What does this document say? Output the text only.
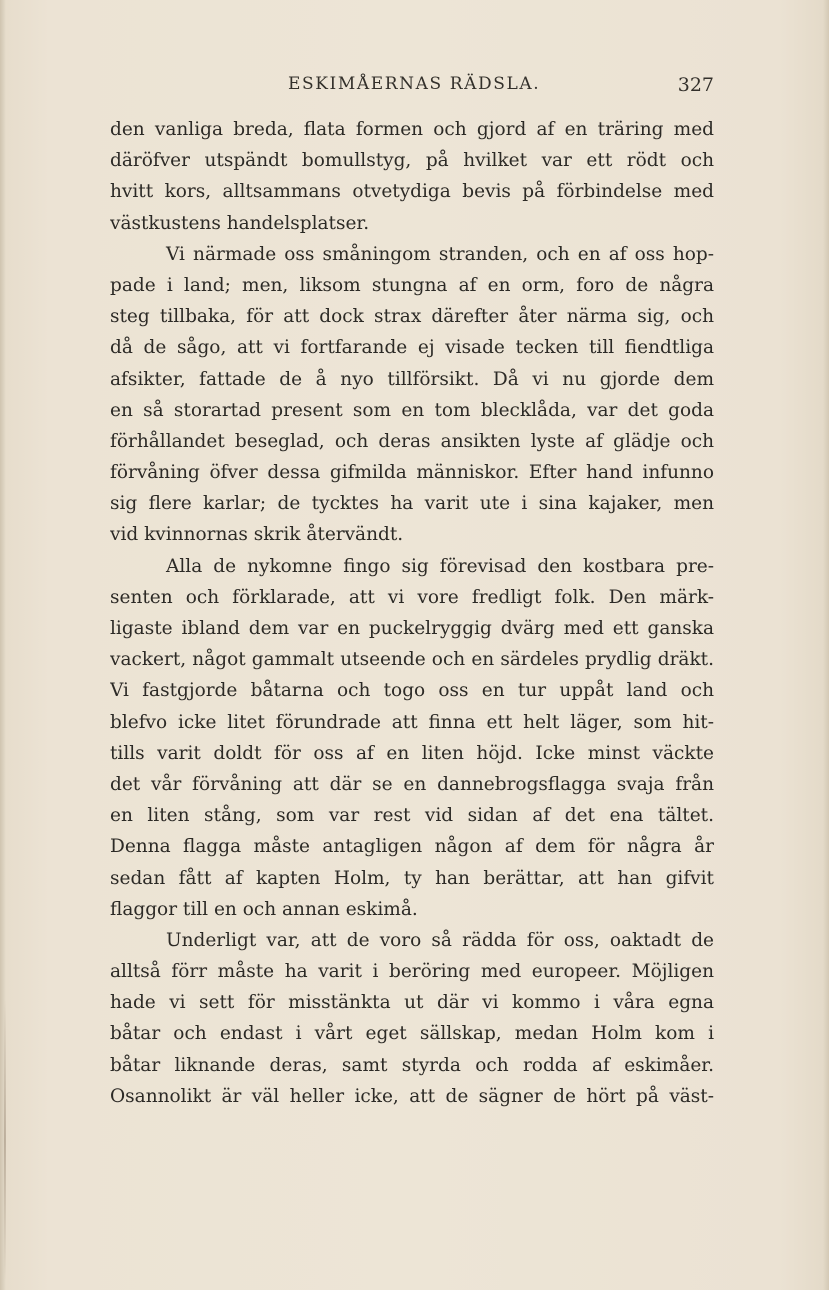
ESKIMÅERNAS RÄDSLA.	327
den vanliga breda, flata formen och gjord af en träring med
däröfver utspändt bomullstyg, på hvilket var ett rödt och
hvitt kors, alltsammans otvetydiga bevis på förbindelse med
västkustens handelsplatser.
Vi närmade oss småningom stranden, och en af oss hop-
pade i land; men, liksom stungna af en orm, foro de några
steg tillbaka, för att dock strax därefter åter närma sig, och
då de sågo, att vi fortfarande ej visade tecken till fiendtliga
afsikter, fattade de å nyo tillförsikt. Då vi nu gjorde dem
en så storartad present som en tom blecklåda, var det goda
förhållandet beseglad, och deras ansikten lyste af glädje och
förvåning öfver dessa gifmilda människor. Efter hand infunno
sig flere karlar; de tycktes ha varit ute i sina kajaker, men
vid kvinnornas skrik återvändt.
Alla de nykomne fingo sig förevisad den kostbara pre-
senten och förklarade, att vi vore fredligt folk. Den märk-
ligaste ibland dem var en puckelryggig dvärg med ett ganska
vackert, något gammalt utseende och en särdeles prydlig dräkt.
Vi fastgjorde båtarna och togo oss en tur uppåt land och
blefvo icke litet förundrade att finna ett helt läger, som hit-
tills varit doldt för oss af en liten höjd. Icke minst väckte
det vår förvåning att där se en dannebrogsflagga svaja från
en liten stång, som var rest vid sidan af det ena tältet.
Denna flagga måste antagligen någon af dem för några år
sedan fått af kapten Holm, ty han berättar, att han gifvit
flaggor till en och annan eskimå.
Underligt var, att de voro så rädda för oss, oaktadt de
alltså förr måste ha varit i beröring med europeer. Möjligen
hade vi sett för misstänkta ut där vi kommo i våra egna
båtar och endast i vårt eget sällskap, medan Holm kom i
båtar liknande deras, samt styrda och rodda af eskimåer.
Osannolikt är väl heller icke, att de sägner de hört på väst-
